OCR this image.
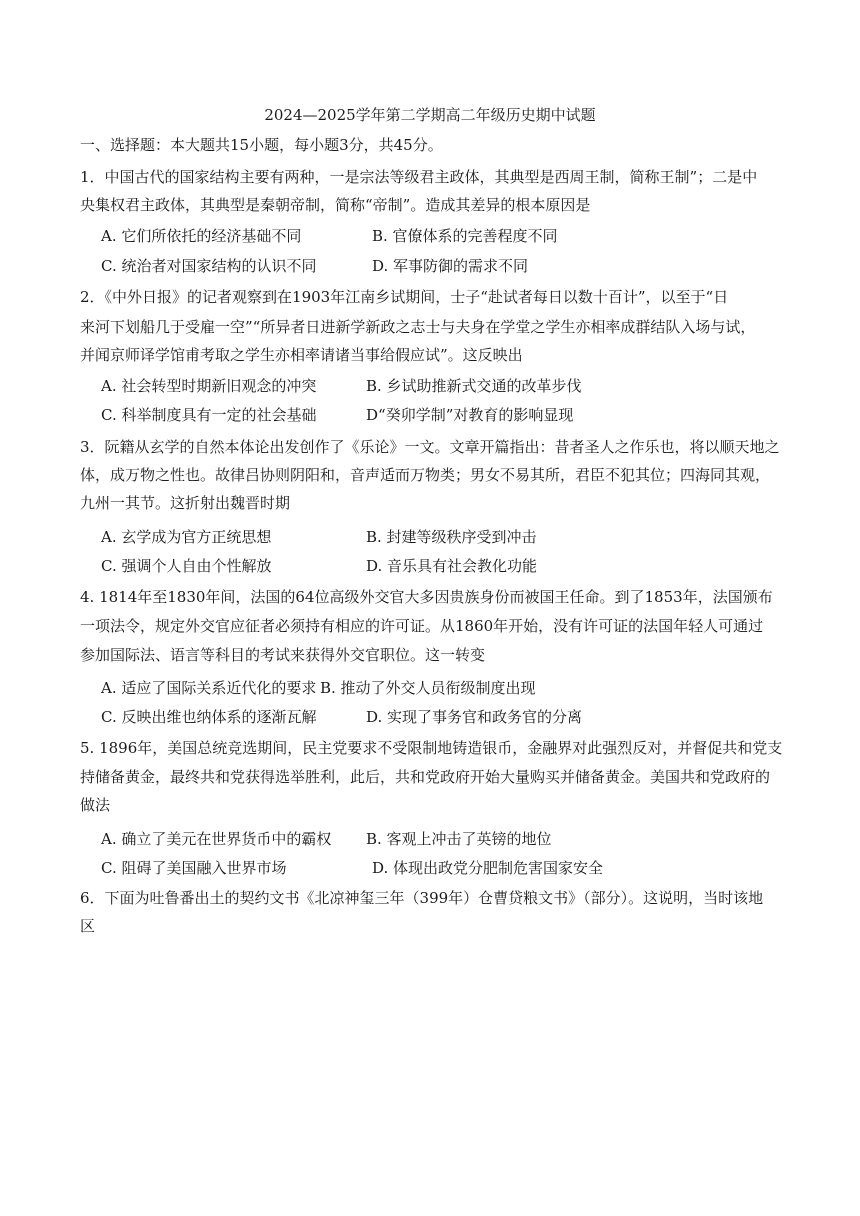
2024—2025学年第二学期高二年级历史期中试题
一、选择题：本大题共15小题，每小题3分，共45分。
1．中国古代的国家结构主要有两种，一是宗法等级君主政体，其典型是西周王制，简称王制”；二是中
央集权君主政体，其典型是秦朝帝制，简称“帝制”。造成其差异的根本原因是
A. 它们所依托的经济基础不同	B. 官僚体系的完善程度不同
C. 统治者对国家结构的认识不同	D. 军事防御的需求不同
2．《中外日报》的记者观察到在1903年江南乡试期间，士子“赴试者每日以数十百计”，以至于“日
来河下划船几于受雇一空”“所异者日进新学新政之志士与夫身在学堂之学生亦相率成群结队入场与试，
并闻京师译学馆甫考取之学生亦相率请诸当事给假应试”。这反映出
A. 社会转型时期新旧观念的冲突	B. 乡试助推新式交通的改革步伐
C. 科举制度具有一定的社会基础	D“癸卯学制”对教育的影响显现
3．阮籍从玄学的自然本体论出发创作了《乐论》一文。文章开篇指出：昔者圣人之作乐也，将以顺天地之
体，成万物之性也。故律吕协则阴阳和，音声适而万物类；男女不易其所，君臣不犯其位；四海同其观，
九州一其节。这折射出魏晋时期
A. 玄学成为官方正统思想	B. 封建等级秩序受到冲击
C. 强调个人自由个性解放	D. 音乐具有社会教化功能
4. 1814年至1830年间，法国的64位高级外交官大多因贵族身份而被国王任命。到了1853年，法国颁布
一项法令，规定外交官应征者必须持有相应的许可证。从1860年开始，没有许可证的法国年轻人可通过
参加国际法、语言等科目的考试来获得外交官职位。这一转变
A. 适应了国际关系近代化的要求 B. 推动了外交人员衔级制度出现
C. 反映出维也纳体系的逐渐瓦解	D. 实现了事务官和政务官的分离
5. 1896年，美国总统竞选期间，民主党要求不受限制地铸造银币，金融界对此强烈反对，并督促共和党支
持储备黄金，最终共和党获得选举胜利，此后，共和党政府开始大量购买并储备黄金。美国共和党政府的
做法
A. 确立了美元在世界货币中的霸权 B. 客观上冲击了英镑的地位
C. 阻碍了美国融入世界市场	D. 体现出政党分肥制危害国家安全
6．下面为吐鲁番出土的契约文书《北凉神玺三年（399年）仓曹贷粮文书》（部分）。这说明，当时该地
区
